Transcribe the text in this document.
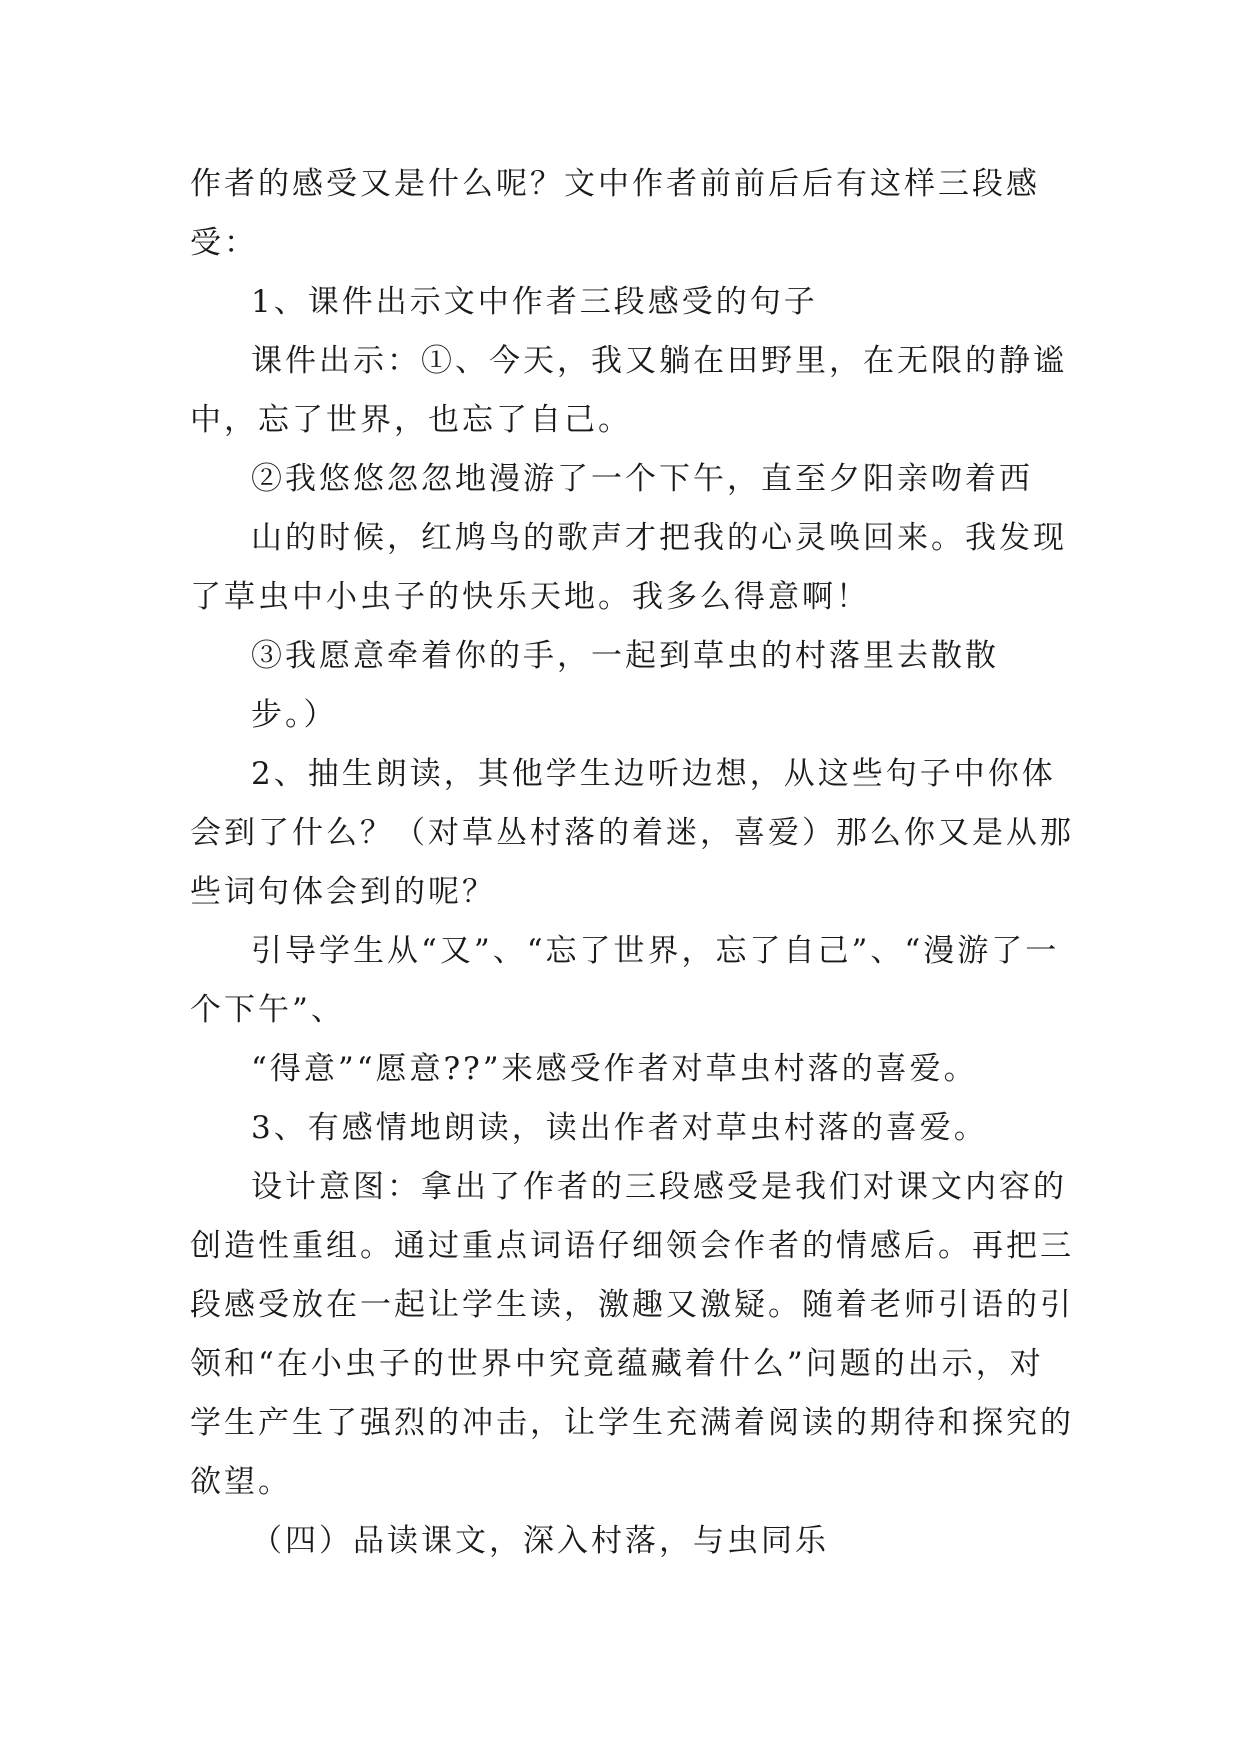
作者的感受又是什么呢？文中作者前前后后有这样三段感
受：
1、课件出示文中作者三段感受的句子
课件出示：①、今天，我又躺在田野里，在无限的静谧
中，忘了世界，也忘了自己。
②我悠悠忽忽地漫游了一个下午，直至夕阳亲吻着西
山的时候，红鸠鸟的歌声才把我的心灵唤回来。我发现
了草虫中小虫子的快乐天地。我多么得意啊！
③我愿意牵着你的手，一起到草虫的村落里去散散
步。）
2、抽生朗读，其他学生边听边想，从这些句子中你体
会到了什么？（对草丛村落的着迷，喜爱）那么你又是从那
些词句体会到的呢？
引导学生从“又”、“忘了世界，忘了自己”、“漫游了一
个下午”、
“得意”“愿意??”来感受作者对草虫村落的喜爱。
3、有感情地朗读，读出作者对草虫村落的喜爱。
设计意图：拿出了作者的三段感受是我们对课文内容的
创造性重组。通过重点词语仔细领会作者的情感后。再把三
段感受放在一起让学生读，激趣又激疑。随着老师引语的引
领和“在小虫子的世界中究竟蕴藏着什么”问题的出示，对
学生产生了强烈的冲击，让学生充满着阅读的期待和探究的
欲望。
（四）品读课文，深入村落，与虫同乐
